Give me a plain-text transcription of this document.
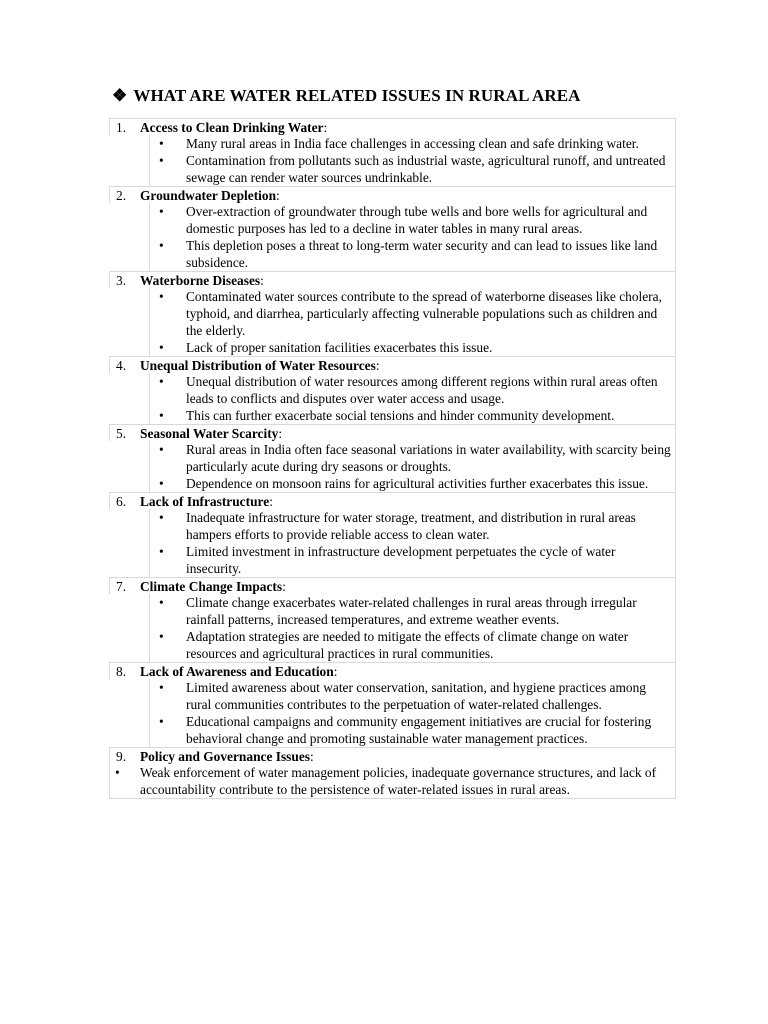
❖ WHAT ARE WATER RELATED ISSUES IN RURAL AREA
1. Access to Clean Drinking Water:
• Many rural areas in India face challenges in accessing clean and safe drinking water.
• Contamination from pollutants such as industrial waste, agricultural runoff, and untreated sewage can render water sources undrinkable.
2. Groundwater Depletion:
• Over-extraction of groundwater through tube wells and bore wells for agricultural and domestic purposes has led to a decline in water tables in many rural areas.
• This depletion poses a threat to long-term water security and can lead to issues like land subsidence.
3. Waterborne Diseases:
• Contaminated water sources contribute to the spread of waterborne diseases like cholera, typhoid, and diarrhea, particularly affecting vulnerable populations such as children and the elderly.
• Lack of proper sanitation facilities exacerbates this issue.
4. Unequal Distribution of Water Resources:
• Unequal distribution of water resources among different regions within rural areas often leads to conflicts and disputes over water access and usage.
• This can further exacerbate social tensions and hinder community development.
5. Seasonal Water Scarcity:
• Rural areas in India often face seasonal variations in water availability, with scarcity being particularly acute during dry seasons or droughts.
• Dependence on monsoon rains for agricultural activities further exacerbates this issue.
6. Lack of Infrastructure:
• Inadequate infrastructure for water storage, treatment, and distribution in rural areas hampers efforts to provide reliable access to clean water.
• Limited investment in infrastructure development perpetuates the cycle of water insecurity.
7. Climate Change Impacts:
• Climate change exacerbates water-related challenges in rural areas through irregular rainfall patterns, increased temperatures, and extreme weather events.
• Adaptation strategies are needed to mitigate the effects of climate change on water resources and agricultural practices in rural communities.
8. Lack of Awareness and Education:
• Limited awareness about water conservation, sanitation, and hygiene practices among rural communities contributes to the perpetuation of water-related challenges.
• Educational campaigns and community engagement initiatives are crucial for fostering behavioral change and promoting sustainable water management practices.
9. Policy and Governance Issues:
• Weak enforcement of water management policies, inadequate governance structures, and lack of accountability contribute to the persistence of water-related issues in rural areas.
